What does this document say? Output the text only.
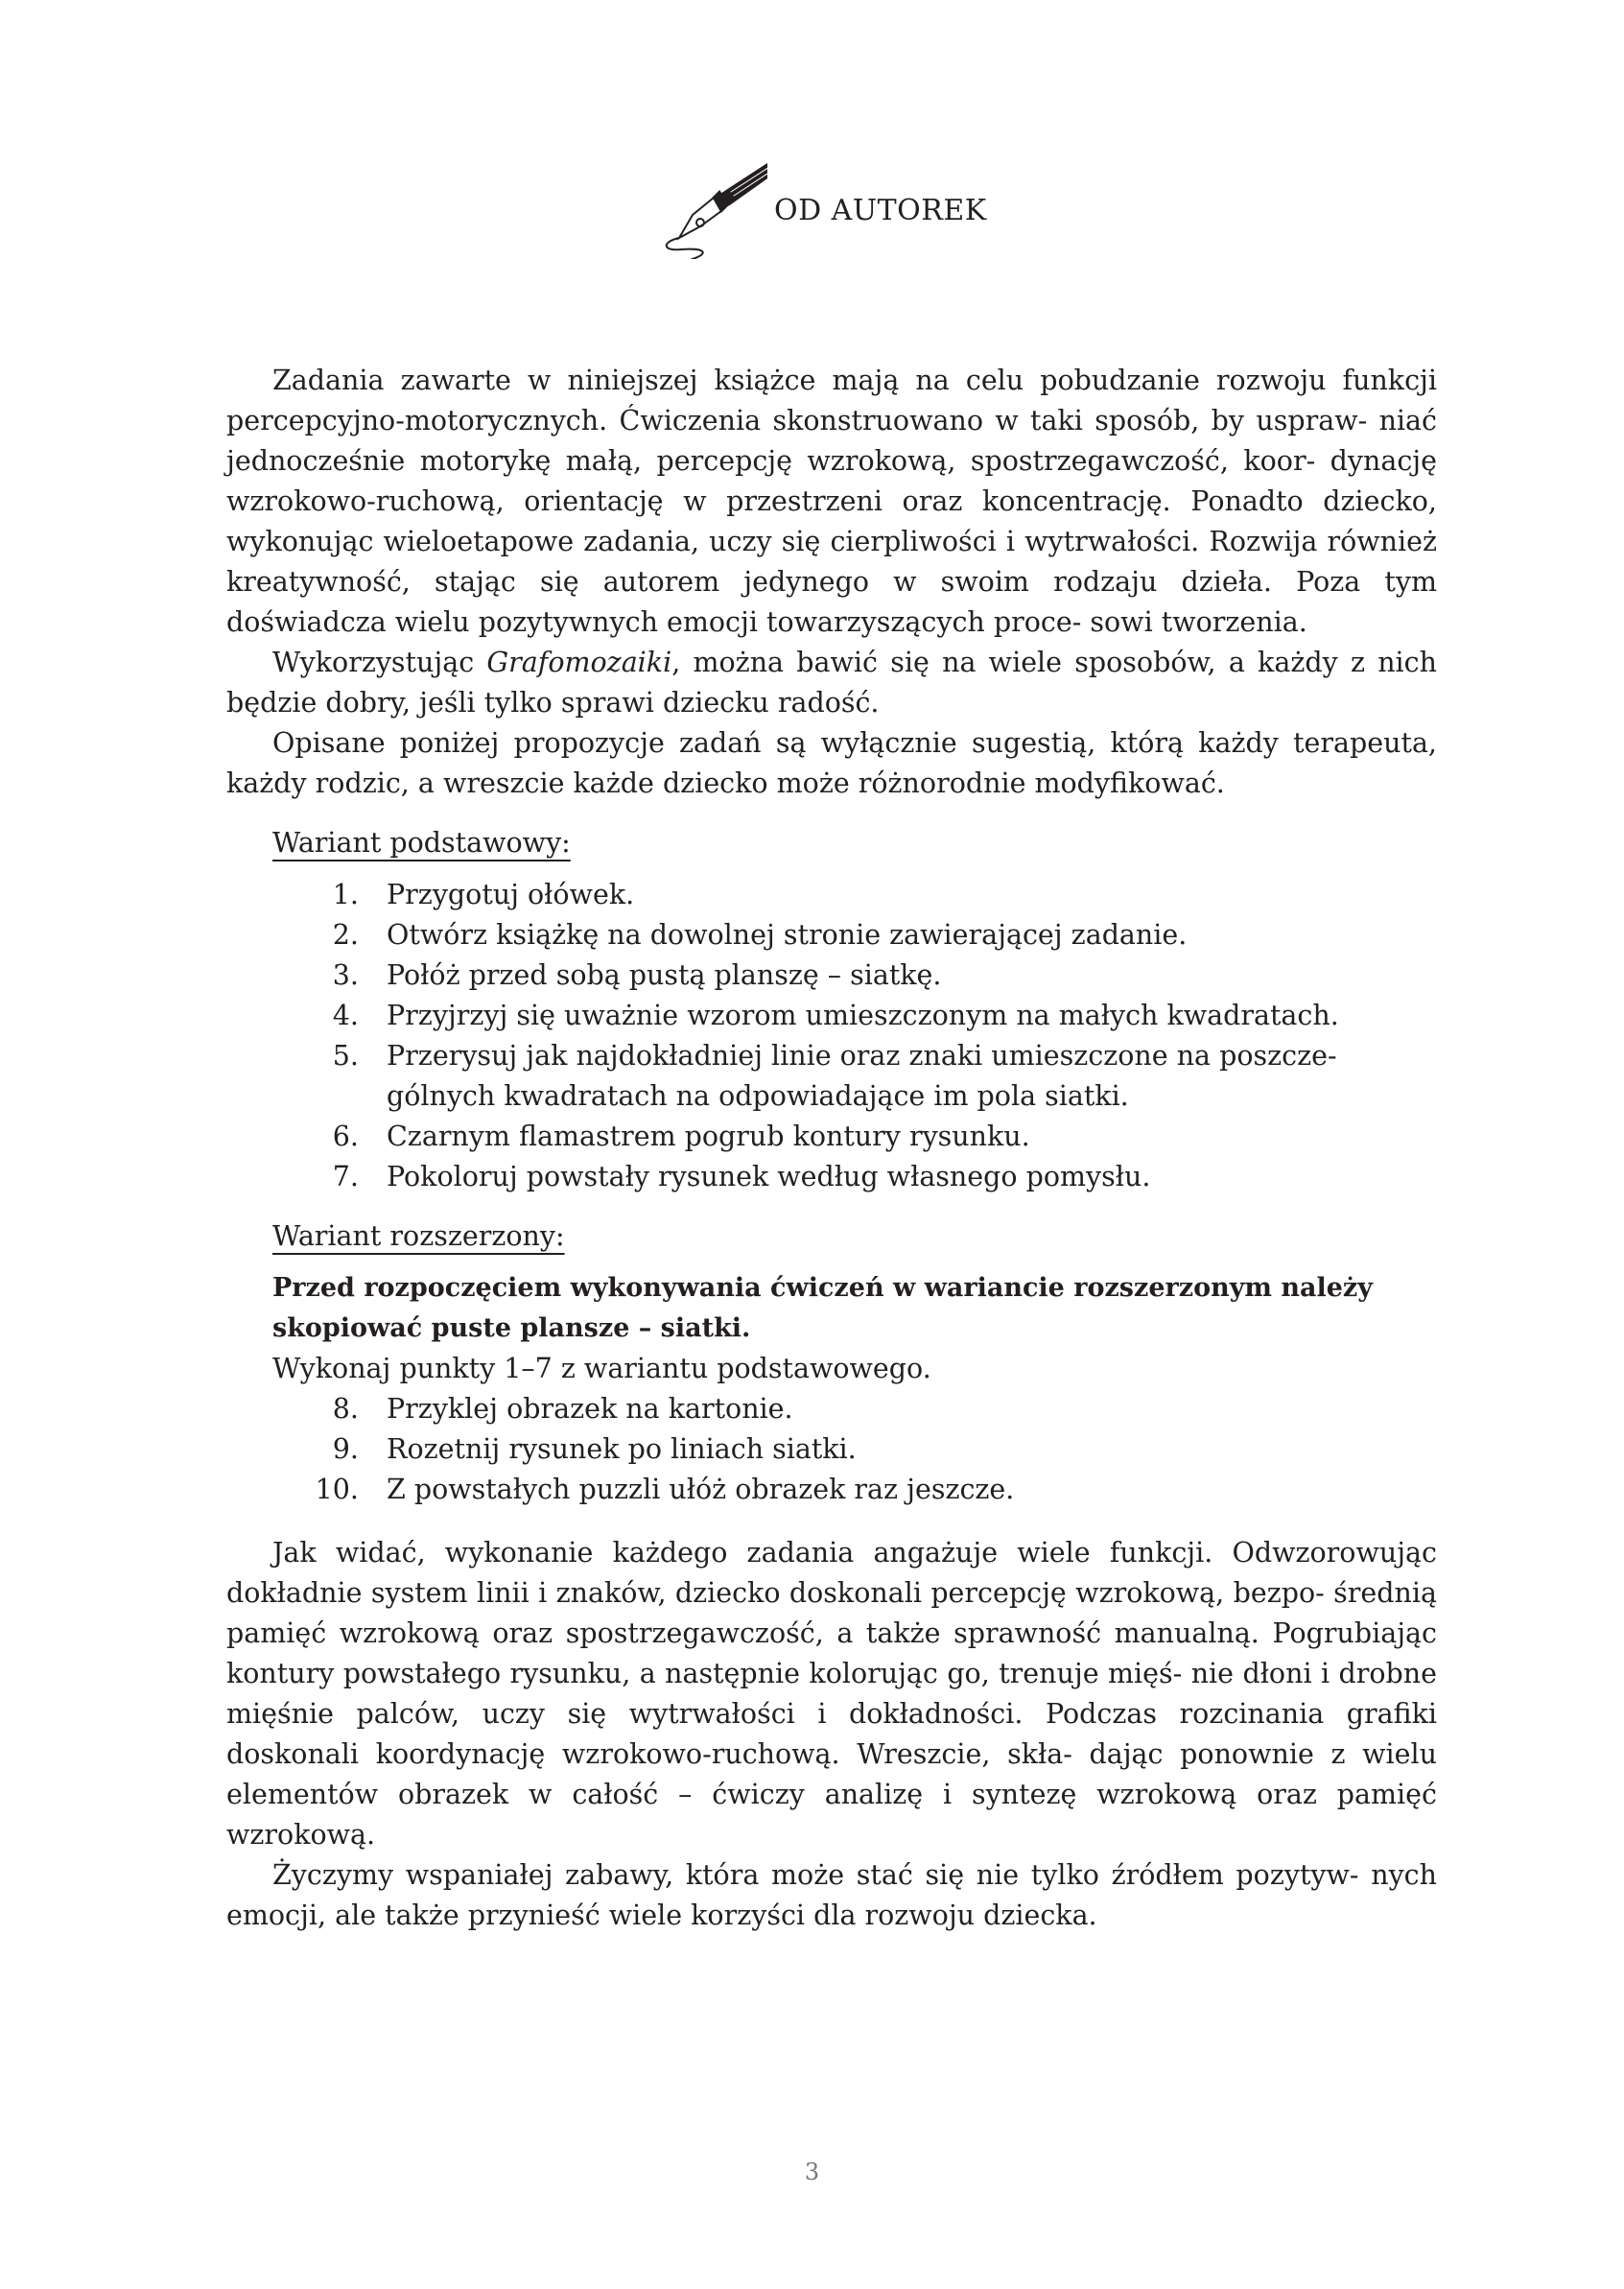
OD AUTOREK

Zadania zawarte w niniejszej książce mają na celu pobudzanie rozwoju funkcji percepcyjno-motorycznych. Ćwiczenia skonstruowano w taki sposób, by uspraw- niać jednocześnie motorykę małą, percepcję wzrokową, spostrzegawczość, koor- dynację wzrokowo-ruchową, orientację w przestrzeni oraz koncentrację. Ponadto dziecko, wykonując wieloetapowe zadania, uczy się cierpliwości i wytrwałości. Rozwija również kreatywność, stając się autorem jedynego w swoim rodzaju dzieła. Poza tym doświadcza wielu pozytywnych emocji towarzyszących proce- sowi tworzenia.

Wykorzystując Grafomozaiki, można bawić się na wiele sposobów, a każdy z nich będzie dobry, jeśli tylko sprawi dziecku radość.

Opisane poniżej propozycje zadań są wyłącznie sugestią, którą każdy terapeuta, każdy rodzic, a wreszcie każde dziecko może różnorodnie modyfikować.

Wariant podstawowy:
1. Przygotuj ołówek.
2. Otwórz książkę na dowolnej stronie zawierającej zadanie.
3. Połóż przed sobą pustą planszę – siatkę.
4. Przyjrzyj się uważnie wzorom umieszczonym na małych kwadratach.
5. Przerysuj jak najdokładniej linie oraz znaki umieszczone na poszcze-
gólnych kwadratach na odpowiadające im pola siatki.
6. Czarnym flamastrem pogrub kontury rysunku.
7. Pokoloruj powstały rysunek według własnego pomysłu.
Wariant rozszerzony:

Przed rozpoczęciem wykonywania ćwiczeń w wariancie rozszerzonym należy
skopiować puste plansze – siatki.

Wykonaj punkty 1–7 z wariantu podstawowego.

8. Przyklej obrazek na kartonie.
9. Rozetnij rysunek po liniach siatki.
10. Z powstałych puzzli ułóż obrazek raz jeszcze.

Jak widać, wykonanie każdego zadania angażuje wiele funkcji. Odwzorowując dokładnie system linii i znaków, dziecko doskonali percepcję wzrokową, bezpo- średnią pamięć wzrokową oraz spostrzegawczość, a także sprawność manualną. Pogrubiając kontury powstałego rysunku, a następnie kolorując go, trenuje mięś- nie dłoni i drobne mięśnie palców, uczy się wytrwałości i dokładności. Podczas rozcinania grafiki doskonali koordynację wzrokowo-ruchową. Wreszcie, skła- dając ponownie z wielu elementów obrazek w całość – ćwiczy analizę i syntezę wzrokową oraz pamięć wzrokową.

Życzymy wspaniałej zabawy, która może stać się nie tylko źródłem pozytyw- nych emocji, ale także przynieść wiele korzyści dla rozwoju dziecka.

3
